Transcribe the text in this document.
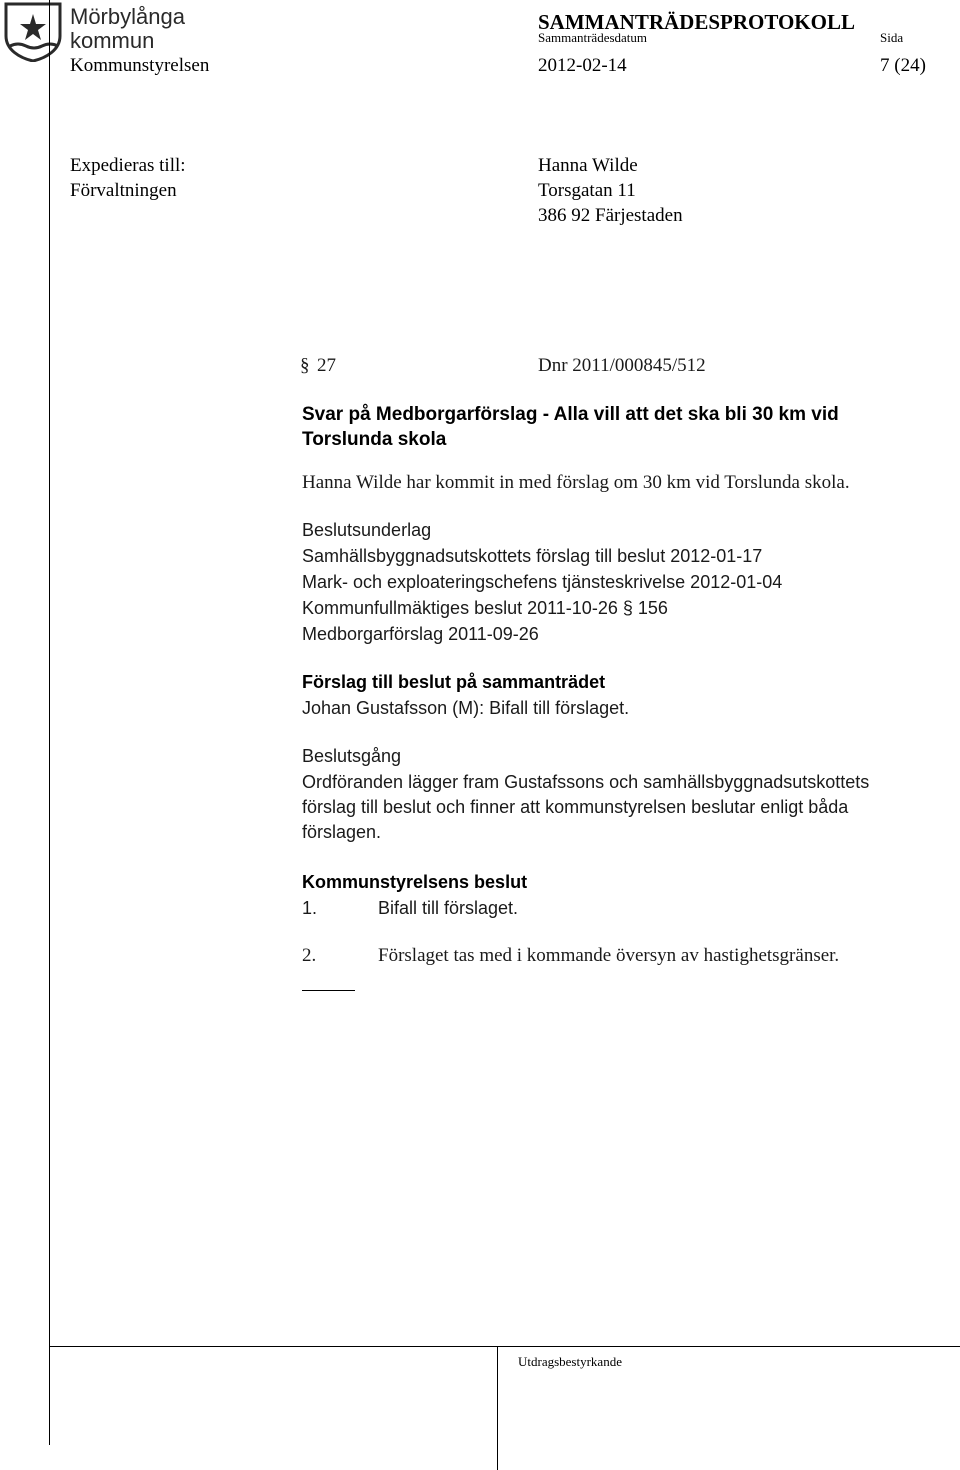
Mörbylånga
kommun
SAMMANTRÄDESPROTOKOLL
Sammanträdesdatum	Sida
Kommunstyrelsen	2012-02-14	7 (24)
Expedieras till:
Förvaltningen
Hanna Wilde
Torsgatan 11
386 92 Färjestaden
§ 27	Dnr 2011/000845/512
Svar på Medborgarförslag - Alla vill att det ska bli 30 km vid
Torslunda skola
Hanna Wilde har kommit in med förslag om 30 km vid Torslunda skola.
Beslutsunderlag
Samhällsbyggnadsutskottets förslag till beslut 2012-01-17
Mark- och exploateringschefens tjänsteskrivelse 2012-01-04
Kommunfullmäktiges beslut 2011-10-26 § 156
Medborgarförslag 2011-09-26
Förslag till beslut på sammanträdet
Johan Gustafsson (M): Bifall till förslaget.
Beslutsgång
Ordföranden lägger fram Gustafssons och samhällsbyggnadsutskottets
förslag till beslut och finner att kommunstyrelsen beslutar enligt båda
förslagen.
Kommunstyrelsens beslut
1.	Bifall till förslaget.
2.	Förslaget tas med i kommande översyn av hastighetsgränser.
Utdragsbestyrkande
